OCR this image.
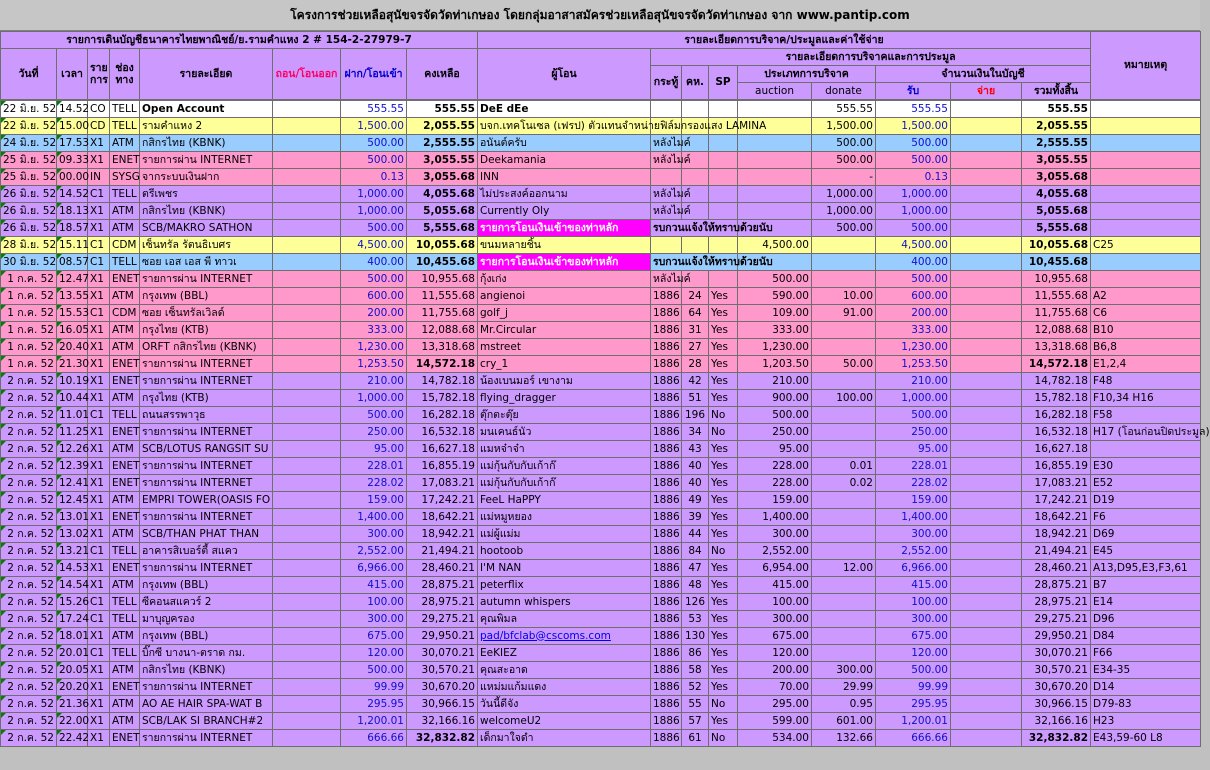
โครงการช่วยเหลือสุนัขจรจัดวัดท่าเกษอง โดยกลุ่มอาสาสมัครช่วยเหลือสุนัขจรจัดวัดท่าเกษอง จาก www.pantip.com
รายการเดินบัญชีธนาคารไทยพาณิชย์/ย.รามคำแหง 2 # 154-2-27979-7								รายละเอียดการบริจาค/ประมูลและค่าใช้จ่าย									หมายเหตุ
วันที่	เวลา	ราย การ	ช่อง ทาง	รายละเอียด	ถอน/โอนออก	ฝาก/โอนเข้า	คงเหลือ	ผู้โอน	รายละเอียดการบริจาคและการประมูล								
									กระทู้	คห.	SP	ประเภทการบริจาค		จำนวนเงินในบัญชี			
												auction	donate	รับ	จ่าย	รวมทั้งสิ้น	
22 มิ.ย. 52	14.52	CO	TELL	Open Account		555.55	555.55	DeE dEe					555.55	555.55		555.55	
22 มิ.ย. 52	15.00	CD	TELL	รามคำแหง 2		1,500.00	2,055.55	บจก.เทคโนเซล (เฟรป) ตัวแทนจำหน่ายฟิล์มกรองแสง LAMINA					1,500.00	1,500.00		2,055.55	
24 มิ.ย. 52	17.53	X1	ATM	กสิกรไทย (KBNK)		500.00	2,555.55	อนันต์ครับ	หลังไมค์				500.00	500.00		2,555.55	
25 มิ.ย. 52	09.33	X1	ENET	รายการผ่าน INTERNET		500.00	3,055.55	Deekamania	หลังไมค์				500.00	500.00		3,055.55	
25 มิ.ย. 52	00.00	IN	SYSG	จากระบบเงินฝาก		0.13	3,055.68	INN					-	0.13		3,055.68	
26 มิ.ย. 52	14.52	C1	TELL	ตรีเพชร		1,000.00	4,055.68	ไม่ประสงค์ออกนาม	หลังไมค์				1,000.00	1,000.00		4,055.68	
26 มิ.ย. 52	18.13	X1	ATM	กสิกรไทย (KBNK)		1,000.00	5,055.68	Currently Oly	หลังไมค์				1,000.00	1,000.00		5,055.68	
26 มิ.ย. 52	18.57	X1	ATM	SCB/MAKRO SATHON		500.00	5,555.68	รายการโอนเงินเข้าของท่าหลัก	รบกวนแจ้งให้ทราบด้วยนับ				500.00	500.00		5,555.68	
28 มิ.ย. 52	15.11	C1	CDM	เซ็นทรัล รัตนธิเบศร		4,500.00	10,055.68	ขนมหลายชิ้น				4,500.00		4,500.00		10,055.68	C25
30 มิ.ย. 52	08.57	C1	TELL	ซอย เอส เอส พี ทาวเ		400.00	10,455.68	รายการโอนเงินเข้าของท่าหลัก	รบกวนแจ้งให้ทราบด้วยนับ					400.00		10,455.68	
1 ก.ค. 52	12.47	X1	ENET	รายการผ่าน INTERNET		500.00	10,955.68	กุ้งเก่ง	หลังไมค์			500.00		500.00		10,955.68	
1 ก.ค. 52	13.55	X1	ATM	กรุงเทพ (BBL)		600.00	11,555.68	angienoi	1886	24	Yes	590.00	10.00	600.00		11,555.68	A2
1 ก.ค. 52	15.53	C1	CDM	ซอย เซ็นทรัลเวิลด์		200.00	11,755.68	golf_j	1886	64	Yes	109.00	91.00	200.00		11,755.68	C6
1 ก.ค. 52	16.05	X1	ATM	กรุงไทย (KTB)		333.00	12,088.68	Mr.Circular	1886	31	Yes	333.00		333.00		12,088.68	B10
1 ก.ค. 52	20.40	X1	ATM	ORFT กสิกรไทย (KBNK)		1,230.00	13,318.68	mstreet	1886	27	Yes	1,230.00		1,230.00		13,318.68	B6,8
1 ก.ค. 52	21.30	X1	ENET	รายการผ่าน INTERNET		1,253.50	14,572.18	cry_1	1886	28	Yes	1,203.50	50.00	1,253.50		14,572.18	E1,2,4
2 ก.ค. 52	10.19	X1	ENET	รายการผ่าน INTERNET		210.00	14,782.18	น้องเบนมอร์ เขางาม	1886	42	Yes	210.00		210.00		14,782.18	F48
2 ก.ค. 52	10.44	X1	ATM	กรุงไทย (KTB)		1,000.00	15,782.18	flying_dragger	1886	51	Yes	900.00	100.00	1,000.00		15,782.18	F10,34 H16
2 ก.ค. 52	11.01	C1	TELL	ถนนสรรพาวุธ		500.00	16,282.18	ตุ๊กตะตุ๊ย	1886	196	No	500.00		500.00		16,282.18	F58
2 ก.ค. 52	11.25	X1	ENET	รายการผ่าน INTERNET		250.00	16,532.18	มนเคนธ์นัว	1886	34	No	250.00		250.00		16,532.18	H17 (โอนก่อนปิดประมูล)
2 ก.ค. 52	12.26	X1	ATM	SCB/LOTUS RANGSIT SU		95.00	16,627.18	แมหจ๋าจ๋า	1886	43	Yes	95.00		95.00		16,627.18	
2 ก.ค. 52	12.39	X1	ENET	รายการผ่าน INTERNET		228.01	16,855.19	แม่กุ้นกับกับเก้าก๊	1886	40	Yes	228.00	0.01	228.01		16,855.19	E30
2 ก.ค. 52	12.41	X1	ENET	รายการผ่าน INTERNET		228.02	17,083.21	แม่กุ้นกับกับเก้าก๊	1886	40	Yes	228.00	0.02	228.02		17,083.21	E52
2 ก.ค. 52	12.45	X1	ATM	EMPRI TOWER(OASIS FO		159.00	17,242.21	FeeL HaPPY	1886	49	Yes	159.00		159.00		17,242.21	D19
2 ก.ค. 52	13.01	X1	ENET	รายการผ่าน INTERNET		1,400.00	18,642.21	แม่หมูหยอง	1886	39	Yes	1,400.00		1,400.00		18,642.21	F6
2 ก.ค. 52	13.02	X1	ATM	SCB/THAN PHAT THAN		300.00	18,942.21	แม่ผู้แม่ม	1886	44	Yes	300.00		300.00		18,942.21	D69
2 ก.ค. 52	13.21	C1	TELL	อาคารสิเบอร์ตี้ สแคว		2,552.00	21,494.21	hootoob	1886	84	No	2,552.00		2,552.00		21,494.21	E45
2 ก.ค. 52	14.53	X1	ENET	รายการผ่าน INTERNET		6,966.00	28,460.21	I'M NAN	1886	47	Yes	6,954.00	12.00	6,966.00		28,460.21	A13,D95,E3,F3,61
2 ก.ค. 52	14.54	X1	ATM	กรุงเทพ (BBL)		415.00	28,875.21	peterflix	1886	48	Yes	415.00		415.00		28,875.21	B7
2 ก.ค. 52	15.26	C1	TELL	ซีคอนสแควร์ 2		100.00	28,975.21	autumn whispers	1886	126	Yes	100.00		100.00		28,975.21	E14
2 ก.ค. 52	17.24	C1	TELL	มาบุญครอง		300.00	29,275.21	คุณพิมล	1886	53	Yes	300.00		300.00		29,275.21	D96
2 ก.ค. 52	18.01	X1	ATM	กรุงเทพ (BBL)		675.00	29,950.21	pad/bfclab@cscoms.com	1886	130	Yes	675.00		675.00		29,950.21	D84
2 ก.ค. 52	20.01	C1	TELL	บิ๊กซี บางนา-ตราด กม.		120.00	30,070.21	EeKIEZ	1886	86	Yes	120.00		120.00		30,070.21	F66
2 ก.ค. 52	20.05	X1	ATM	กสิกรไทย (KBNK)		500.00	30,570.21	คุณสะอาด	1886	58	Yes	200.00	300.00	500.00		30,570.21	E34-35
2 ก.ค. 52	20.20	X1	ENET	รายการผ่าน INTERNET		99.99	30,670.20	แหม่มแก้มแดง	1886	52	Yes	70.00	29.99	99.99		30,670.20	D14
2 ก.ค. 52	21.36	X1	ATM	AO AE HAIR SPA-WAT B		295.95	30,966.15	วันนี้ดีจัง	1886	55	No	295.00	0.95	295.95		30,966.15	D79-83
2 ก.ค. 52	22.00	X1	ATM	SCB/LAK SI BRANCH#2		1,200.01	32,166.16	welcomeU2	1886	57	Yes	599.00	601.00	1,200.01		32,166.16	H23
2 ก.ค. 52	22.42	X1	ENET	รายการผ่าน INTERNET		666.66	32,832.82	เด็กมาใจดำ	1886	61	No	534.00	132.66	666.66		32,832.82	E43,59-60 L8
